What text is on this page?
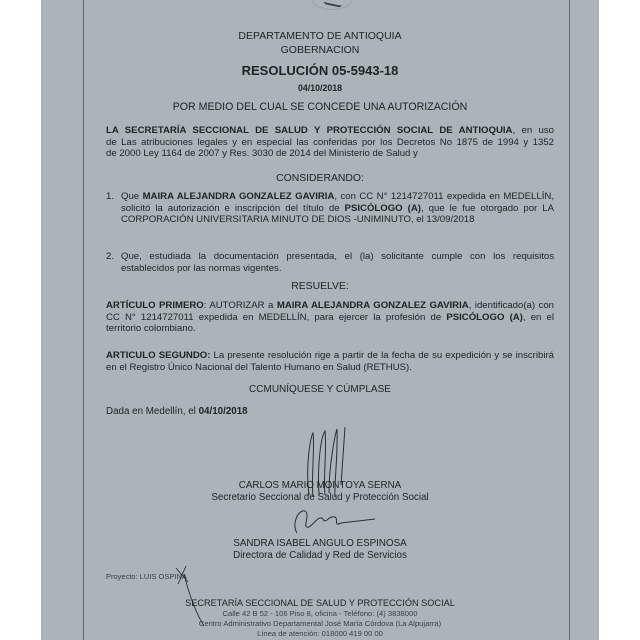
DEPARTAMENTO DE ANTIOQUIA
GOBERNACION
RESOLUCIÓN 05-5943-18
04/10/2018
POR MEDIO DEL CUAL SE CONCEDE UNA AUTORIZACIÓN
LA SECRETARÍA SECCIONAL DE SALUD Y PROTECCIÓN SOCIAL DE ANTIOQUIA, en uso
de Las atribuciones legales y en especial las conferidas por los Decretos No 1875 de 1994 y 1352
de 2000 Ley 1164 de 2007 y Res. 3030 de 2014 del Ministerio de Salud y
CONSIDERANDO:
1. Que MAIRA ALEJANDRA GONZALEZ GAVIRIA, con CC N° 1214727011 expedida en MEDELLÍN, solicitó la autorización e inscripción del título de PSICÓLOGO (A), que le fue otorgado por LA CORPORACIÓN UNIVERSITARIA MINUTO DE DIOS -UNIMINUTO, el 13/09/2018
2. Que, estudiada la documentación presentada, el (la) solicitante cumple con los requisitos establecidos por las normas vigentes.
RESUELVE:
ARTÍCULO PRIMERO: AUTORIZAR a MAIRA ALEJANDRA GONZALEZ GAVIRIA, identificado(a) con CC N° 1214727011 expedida en MEDELLÍN, para ejercer la profesión de PSICÓLOGO (A), en el territorio colombiano.
ARTICULO SEGUNDO: La presente resolución rige a partir de la fecha de su expedición y se inscribirá en el Registro Único Nacional del Talento Humano en Salud (RETHUS).
CCMUNÍQUESE Y CÚMPLASE
Dada en Medellín, el 04/10/2018
CARLOS MARIO MONTOYA SERNA
Secretario Seccional de Salud y Protección Social
SANDRA ISABEL ANGULO ESPINOSA
Directora de Calidad y Red de Servicios
Proyecto: LUIS OSPINA
SECRETARÍA SECCIONAL DE SALUD Y PROTECCIÓN SOCIAL
Calle 42 B 52 - 106 Piso 8, oficina - Teléfono: (4) 3838000
Centro Administrativo Departamental José María Córdova (La Alpujarra)
Línea de atención: 018000 419 00 00
